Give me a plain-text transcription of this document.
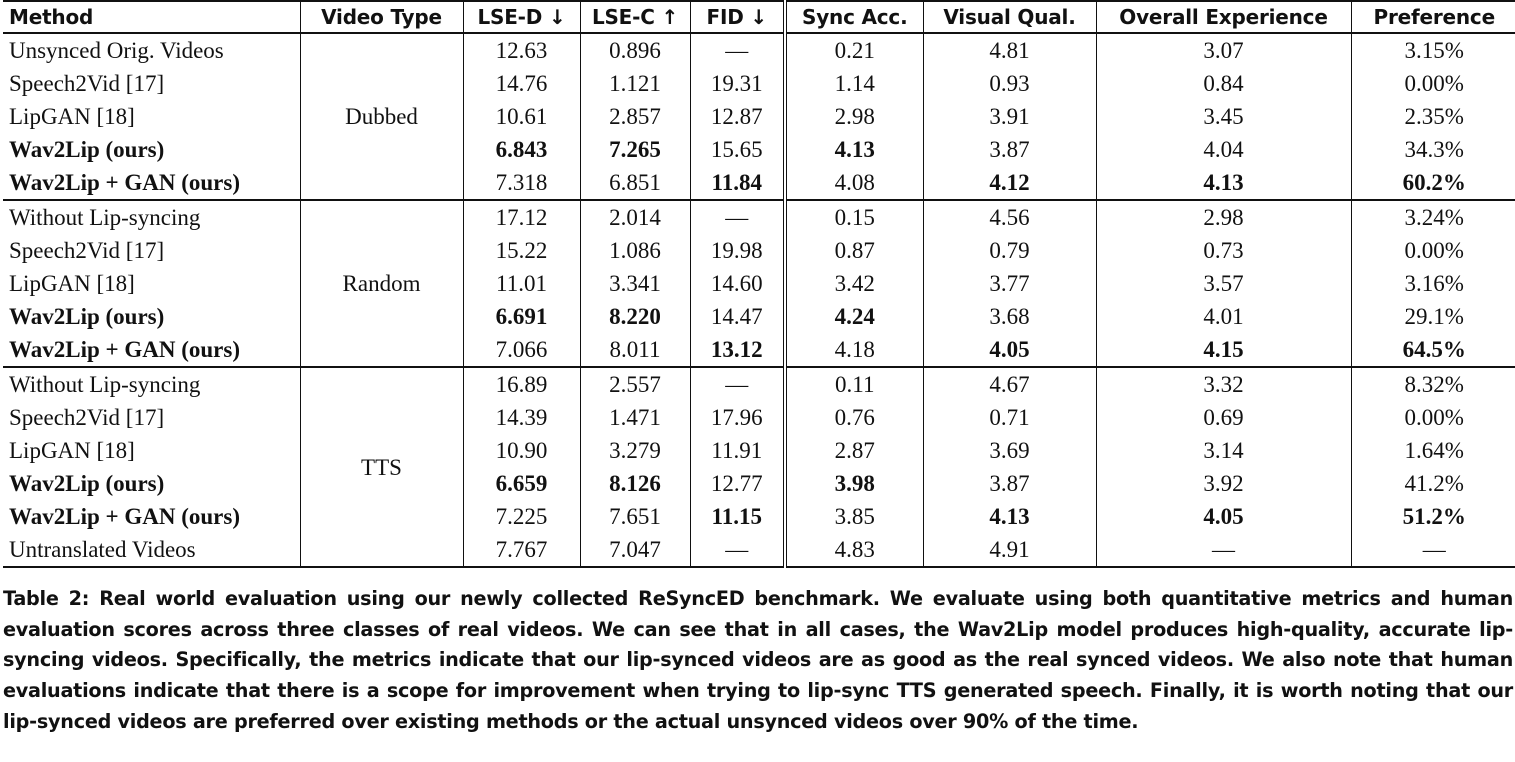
Method	Video Type	LSE-D ↓	LSE-C ↑	FID ↓	Sync Acc.	Visual Qual.	Overall Experience	Preference
Unsynced Orig. Videos	Dubbed	12.63	0.896	—	0.21	4.81	3.07	3.15%
Speech2Vid [17]		14.76	1.121	19.31	1.14	0.93	0.84	0.00%
LipGAN [18]		10.61	2.857	12.87	2.98	3.91	3.45	2.35%
Wav2Lip (ours)		6.843	7.265	15.65	4.13	3.87	4.04	34.3%
Wav2Lip + GAN (ours)		7.318	6.851	11.84	4.08	4.12	4.13	60.2%
Without Lip-syncing	Random	17.12	2.014	—	0.15	4.56	2.98	3.24%
Speech2Vid [17]		15.22	1.086	19.98	0.87	0.79	0.73	0.00%
LipGAN [18]		11.01	3.341	14.60	3.42	3.77	3.57	3.16%
Wav2Lip (ours)		6.691	8.220	14.47	4.24	3.68	4.01	29.1%
Wav2Lip + GAN (ours)		7.066	8.011	13.12	4.18	4.05	4.15	64.5%
Without Lip-syncing	TTS	16.89	2.557	—	0.11	4.67	3.32	8.32%
Speech2Vid [17]		14.39	1.471	17.96	0.76	0.71	0.69	0.00%
LipGAN [18]		10.90	3.279	11.91	2.87	3.69	3.14	1.64%
Wav2Lip (ours)		6.659	8.126	12.77	3.98	3.87	3.92	41.2%
Wav2Lip + GAN (ours)		7.225	7.651	11.15	3.85	4.13	4.05	51.2%
Untranslated Videos		7.767	7.047	—	4.83	4.91	—	—

Table 2: Real world evaluation using our newly collected ReSyncED benchmark. We evaluate using both quantitative metrics and human evaluation scores across three classes of real videos. We can see that in all cases, the Wav2Lip model produces high-quality, accurate lip-syncing videos. Specifically, the metrics indicate that our lip-synced videos are as good as the real synced videos. We also note that human evaluations indicate that there is a scope for improvement when trying to lip-sync TTS generated speech. Finally, it is worth noting that our lip-synced videos are preferred over existing methods or the actual unsynced videos over 90% of the time.
